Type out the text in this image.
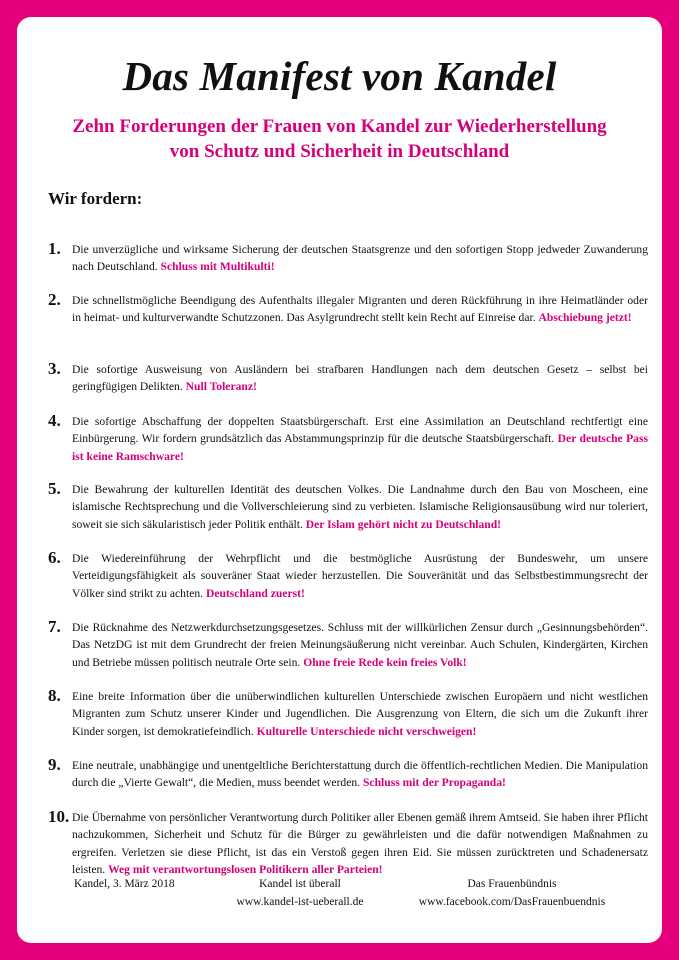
Das Manifest von Kandel
Zehn Forderungen der Frauen von Kandel zur Wiederherstellung
von Schutz und Sicherheit in Deutschland
Wir fordern:
1. Die unverzügliche und wirksame Sicherung der deutschen Staatsgrenze und den sofortigen Stopp jedweder Zuwanderung nach Deutschland. Schluss mit Multikulti!
2. Die schnellstmögliche Beendigung des Aufenthalts illegaler Migranten und deren Rückführung in ihre Heimatländer oder in heimat- und kulturverwandte Schutzzonen. Das Asylgrundrecht stellt kein Recht auf Einreise dar. Abschiebung jetzt!
3. Die sofortige Ausweisung von Ausländern bei strafbaren Handlungen nach dem deutschen Gesetz – selbst bei geringfügigen Delikten. Null Toleranz!
4. Die sofortige Abschaffung der doppelten Staatsbürgerschaft. Erst eine Assimilation an Deutschland rechtfertigt eine Einbürgerung. Wir fordern grundsätzlich das Abstammungsprinzip für die deutsche Staatsbürgerschaft. Der deutsche Pass ist keine Ramschware!
5. Die Bewahrung der kulturellen Identität des deutschen Volkes. Die Landnahme durch den Bau von Moscheen, eine islamische Rechtsprechung und die Vollverschleierung sind zu verbieten. Islamische Religionsausübung wird nur toleriert, soweit sie sich säkularistisch jeder Politik enthält. Der Islam gehört nicht zu Deutschland!
6. Die Wiedereinführung der Wehrpflicht und die bestmögliche Ausrüstung der Bundeswehr, um unsere Verteidigungsfähigkeit als souveräner Staat wieder herzustellen. Die Souveränität und das Selbstbestimmungsrecht der Völker sind strikt zu achten. Deutschland zuerst!
7. Die Rücknahme des Netzwerkdurchsetzungsgesetzes. Schluss mit der willkürlichen Zensur durch „Gesinnungsbehörden“. Das NetzDG ist mit dem Grundrecht der freien Meinungsäußerung nicht vereinbar. Auch Schulen, Kindergärten, Kirchen und Betriebe müssen politisch neutrale Orte sein. Ohne freie Rede kein freies Volk!
8. Eine breite Information über die unüberwindlichen kulturellen Unterschiede zwischen Europäern und nicht westlichen Migranten zum Schutz unserer Kinder und Jugendlichen. Die Ausgrenzung von Eltern, die sich um die Zukunft ihrer Kinder sorgen, ist demokratiefeindlich. Kulturelle Unterschiede nicht verschweigen!
9. Eine neutrale, unabhängige und unentgeltliche Berichterstattung durch die öffentlich-rechtlichen Medien. Die Manipulation durch die „Vierte Gewalt“, die Medien, muss beendet werden. Schluss mit der Propaganda!
10. Die Übernahme von persönlicher Verantwortung durch Politiker aller Ebenen gemäß ihrem Amtseid. Sie haben ihrer Pflicht nachzukommen, Sicherheit und Schutz für die Bürger zu gewährleisten und die dafür notwendigen Maßnahmen zu ergreifen. Verletzen sie diese Pflicht, ist das ein Verstoß gegen ihren Eid. Sie müssen zurücktreten und Schadenersatz leisten. Weg mit verantwortungslosen Politikern aller Parteien!
Kandel, 3. März 2018	Kandel ist überall
www.kandel-ist-ueberall.de
Das Frauenbündnis
www.facebook.com/DasFrauenbuendnis
